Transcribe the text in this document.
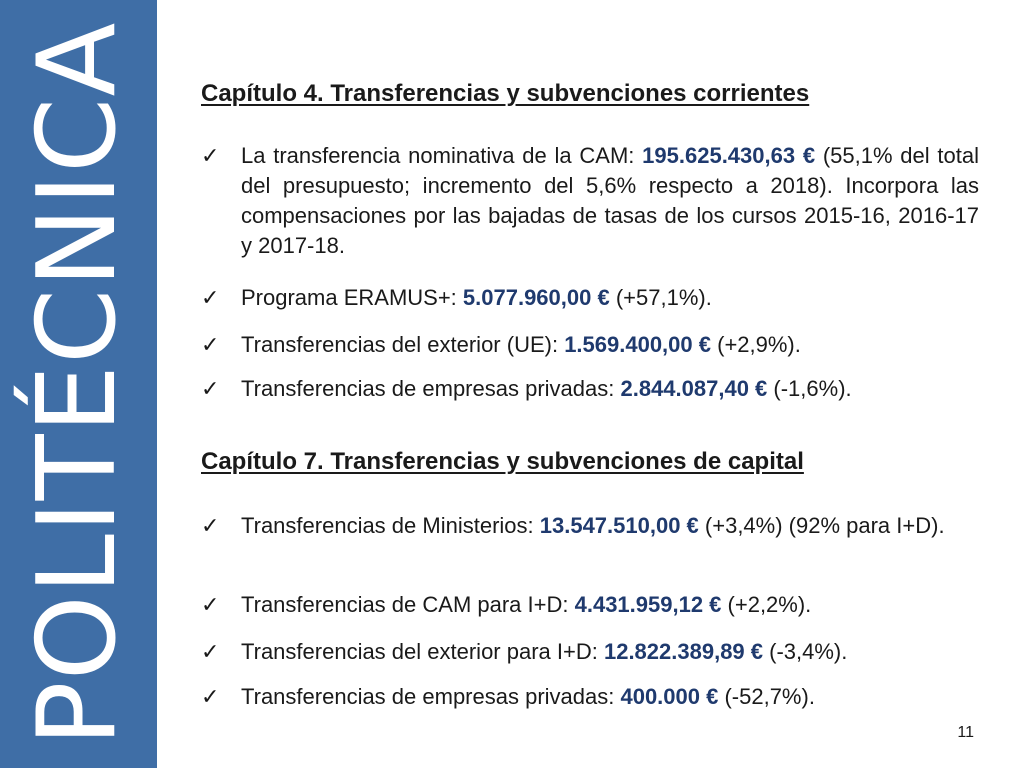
POLITÉCNICA	Capítulo 4. Transferencias y subvenciones corrientes
✓ La transferencia nominativa de la CAM: 195.625.430,63 € (55,1% del total del presupuesto; incremento del 5,6% respecto a 2018). Incorpora las compensaciones por las bajadas de tasas de los cursos 2015-16, 2016-17 y 2017-18.
✓ Programa ERAMUS+: 5.077.960,00 € (+57,1%).
✓ Transferencias del exterior (UE): 1.569.400,00 € (+2,9%).
✓ Transferencias de empresas privadas: 2.844.087,40 € (-1,6%).
Capítulo 7. Transferencias y subvenciones de capital
✓ Transferencias de Ministerios: 13.547.510,00 € (+3,4%) (92% para I+D).
✓ Transferencias de CAM para I+D: 4.431.959,12 € (+2,2%).
✓ Transferencias del exterior para I+D: 12.822.389,89 € (-3,4%).
✓ Transferencias de empresas privadas: 400.000 € (-52,7%).
11
